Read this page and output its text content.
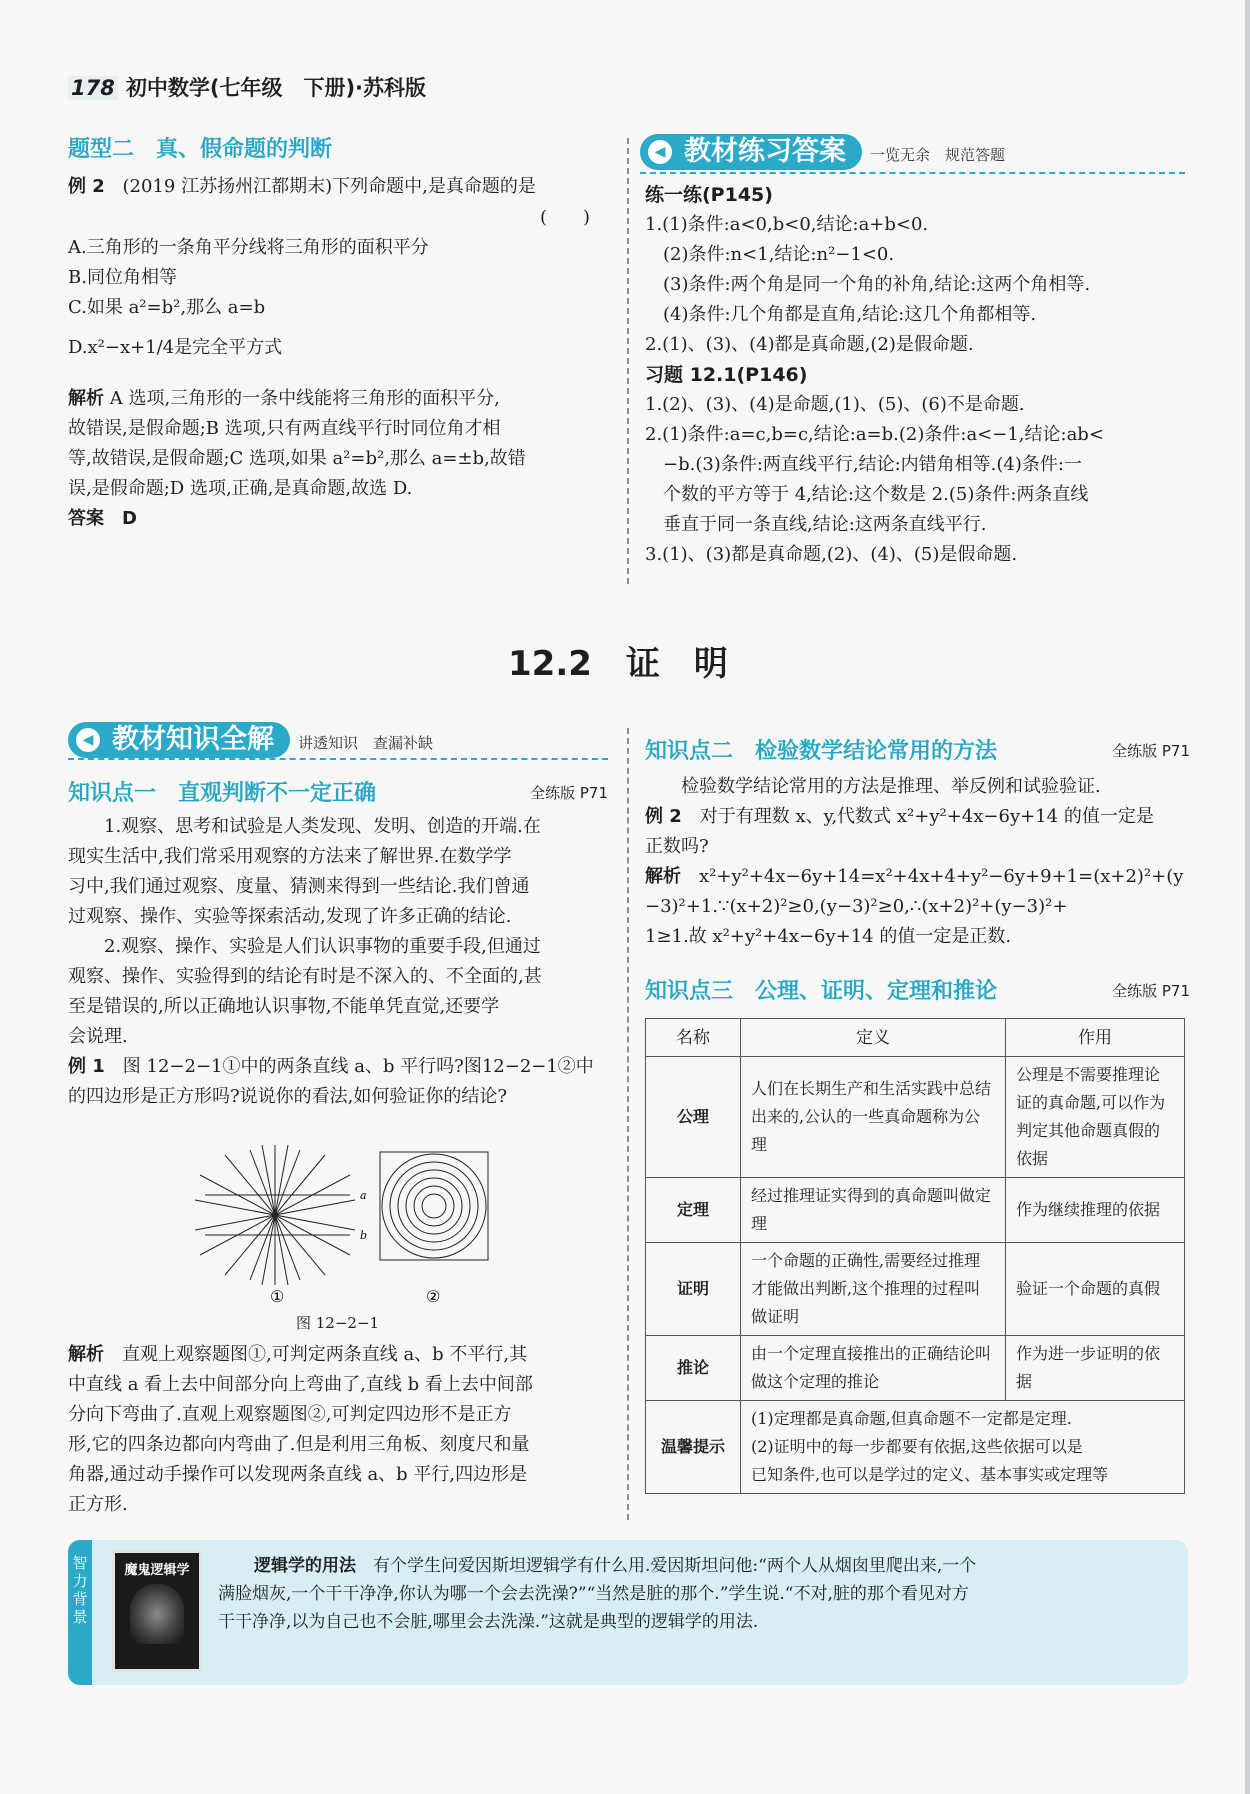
178 初中数学(七年级　下册)·苏科版
题型二　真、假命题的判断
例 2 (2019 江苏扬州江都期末)下列命题中,是真命题的是
(　　)
A.三角形的一条角平分线将三角形的面积平分
B.同位角相等
C.如果 a²=b²,那么 a=b
D.x²−x+1/4是完全平方式
解析 A 选项,三角形的一条中线能将三角形的面积平分,
故错误,是假命题;B 选项,只有两直线平行时同位角才相
等,故错误,是假命题;C 选项,如果 a²=b²,那么 a=±b,故错
误,是假命题;D 选项,正确,是真命题,故选 D.
答案　 D
◀ 教材练习答案 一览无余　规范答题
练一练(P145)
1.(1)条件:a<0,b<0,结论:a+b<0.
(2)条件:n<1,结论:n²−1<0.
(3)条件:两个角是同一个角的补角,结论:这两个角相等.
(4)条件:几个角都是直角,结论:这几个角都相等.
2.(1)、(3)、(4)都是真命题,(2)是假命题.
习题 12.1(P146)
1.(2)、(3)、(4)是命题,(1)、(5)、(6)不是命题.
2.(1)条件:a=c,b=c,结论:a=b.(2)条件:a<−1,结论:ab<
−b.(3)条件:两直线平行,结论:内错角相等.(4)条件:一
个数的平方等于 4,结论:这个数是 2.(5)条件:两条直线
垂直于同一条直线,结论:这两条直线平行.
3.(1)、(3)都是真命题,(2)、(4)、(5)是假命题.
12.2　证　明
◀ 教材知识全解 讲透知识　查漏补缺
知识点一　直观判断不一定正确	全练版 P71
1.观察、思考和试验是人类发现、发明、创造的开端.在
现实生活中,我们常采用观察的方法来了解世界.在数学学
习中,我们通过观察、度量、猜测来得到一些结论.我们曾通
过观察、操作、实验等探索活动,发现了许多正确的结论.
2.观察、操作、实验是人们认识事物的重要手段,但通过
观察、操作、实验得到的结论有时是不深入的、不全面的,甚
至是错误的,所以正确地认识事物,不能单凭直觉,还要学
会说理.
例 1　 图 12−2−1①中的两条直线 a、b 平行吗?图12−2−1②中
的四边形是正方形吗?说说你的看法,如何验证你的结论?
a
b
①	②
图 12−2−1
解析　 直观上观察题图①,可判定两条直线 a、b 不平行,其
中直线 a 看上去中间部分向上弯曲了,直线 b 看上去中间部
分向下弯曲了.直观上观察题图②,可判定四边形不是正方
形,它的四条边都向内弯曲了.但是利用三角板、刻度尺和量
角器,通过动手操作可以发现两条直线 a、b 平行,四边形是
正方形.
知识点二　检验数学结论常用的方法	全练版 P71
检验数学结论常用的方法是推理、举反例和试验验证.
例 2　 对于有理数 x、y,代数式 x²+y²+4x−6y+14 的值一定是
正数吗?
解析　 x²+y²+4x−6y+14=x²+4x+4+y²−6y+9+1=(x+2)²+(y
−3)²+1.∵(x+2)²≥0,(y−3)²≥0,∴(x+2)²+(y−3)²+
1≥1.故 x²+y²+4x−6y+14 的值一定是正数.
知识点三　公理、证明、定理和推论	全练版 P71
名称	定义	作用
公理	人们在长期生产和生活实践中总结出来的,公认的一些真命题称为公理	公理是不需要推理论证的真命题,可以作为判定其他命题真假的依据
定理	经过推理证实得到的真命题叫做定理	作为继续推理的依据
证明	一个命题的正确性,需要经过推理才能做出判断,这个推理的过程叫做证明	验证一个命题的真假
推论	由一个定理直接推出的正确结论叫做这个定理的推论	作为进一步证明的依据
温馨提示	(1)定理都是真命题,但真命题不一定都是定理.
(2)证明中的每一步都要有依据,这些依据可以是
已知条件,也可以是学过的定义、基本事实或定理等	
智力背景
魔鬼逻辑学	逻辑学的用法　 有个学生问爱因斯坦逻辑学有什么用.爱因斯坦问他:“两个人从烟囱里爬出来,一个
满脸烟灰,一个干干净净,你认为哪一个会去洗澡?”“当然是脏的那个.”学生说.“不对,脏的那个看见对方
干干净净,以为自己也不会脏,哪里会去洗澡.”这就是典型的逻辑学的用法.
